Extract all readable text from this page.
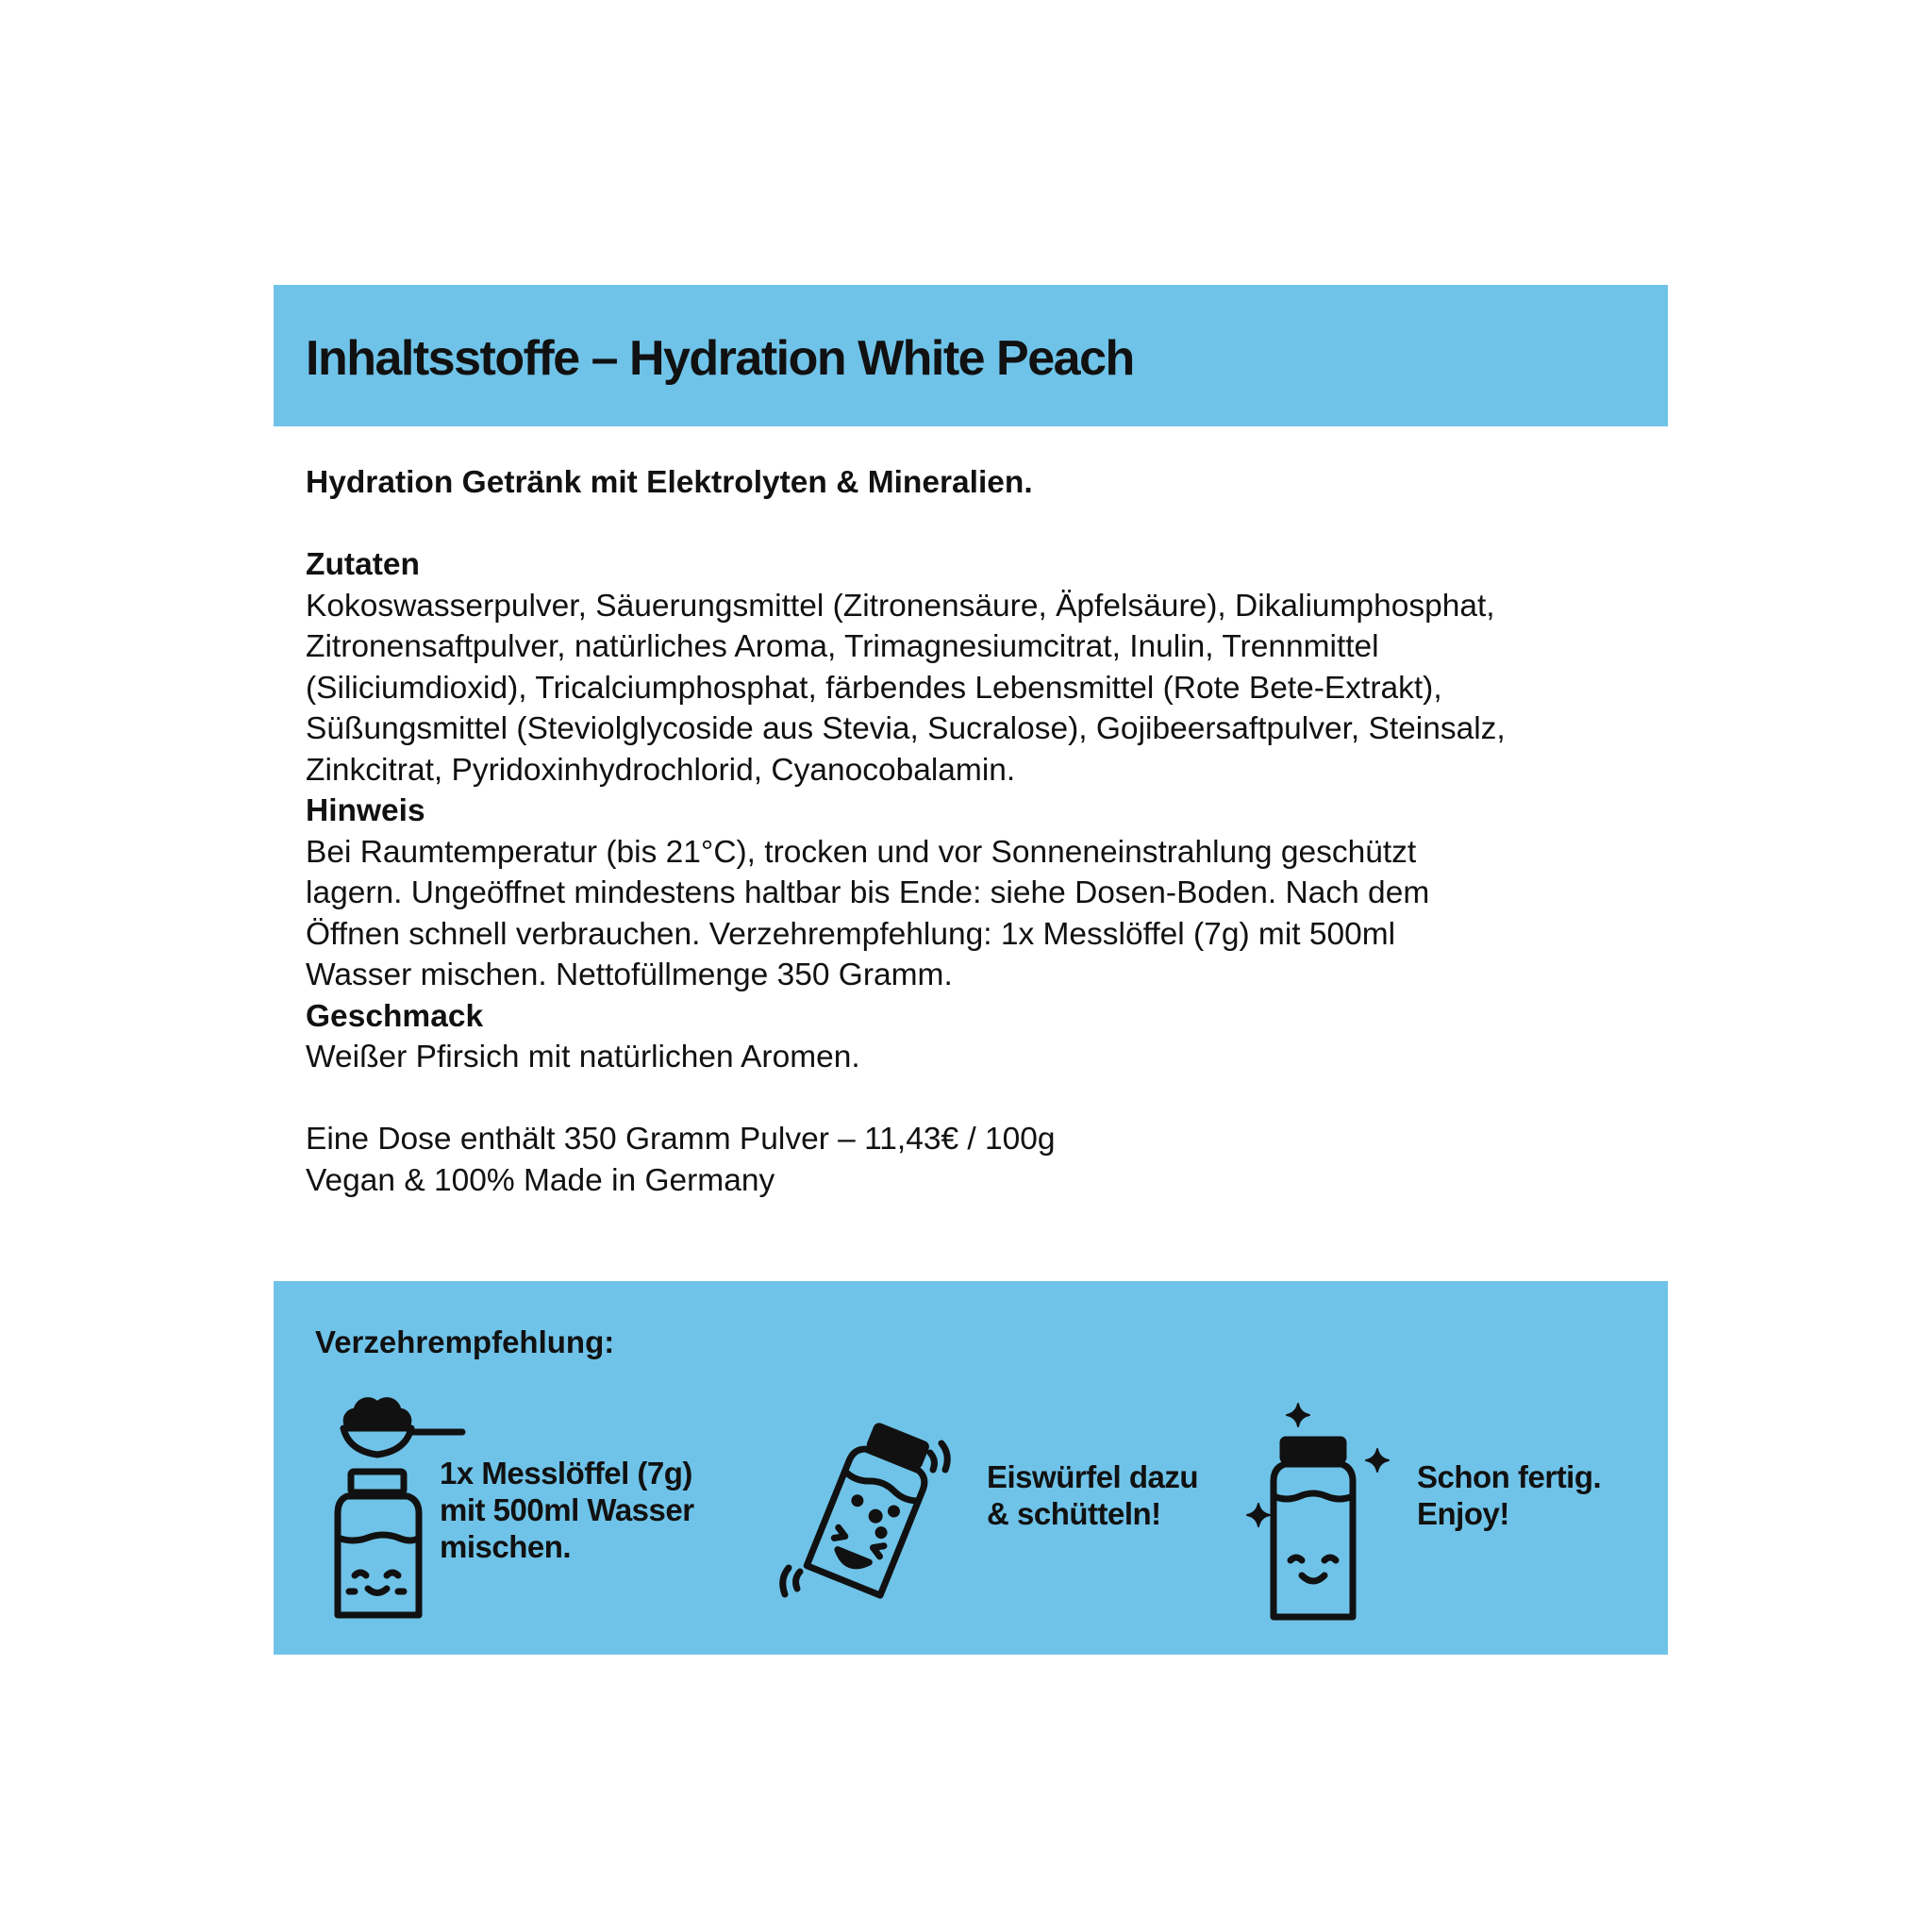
Inhaltsstoffe – Hydration White Peach

Hydration Getränk mit Elektrolyten & Mineralien.

Zutaten

Kokoswasserpulver, Säuerungsmittel (Zitronensäure, Äpfelsäure), Dikaliumphosphat,

Zitronensaftpulver, natürliches Aroma, Trimagnesiumcitrat, Inulin, Trennmittel

(Siliciumdioxid), Tricalciumphosphat, färbendes Lebensmittel (Rote Bete-Extrakt),

Süßungsmittel (Steviolglycoside aus Stevia, Sucralose), Gojibeersaftpulver, Steinsalz,

Zinkcitrat, Pyridoxinhydrochlorid, Cyanocobalamin.

Hinweis

Bei Raumtemperatur (bis 21°C), trocken und vor Sonneneinstrahlung geschützt

lagern. Ungeöffnet mindestens haltbar bis Ende: siehe Dosen-Boden. Nach dem

Öffnen schnell verbrauchen. Verzehrempfehlung: 1x Messlöffel (7g) mit 500ml

Wasser mischen. Nettofüllmenge 350 Gramm.

Geschmack

Weißer Pfirsich mit natürlichen Aromen.

Eine Dose enthält 350 Gramm Pulver – 11,43€ / 100g

Vegan & 100% Made in Germany

Verzehrempfehlung:

1x Messlöffel (7g)
mit 500ml Wasser
mischen.

Eiswürfel dazu
& schütteln!

Schon fertig.
Enjoy!
